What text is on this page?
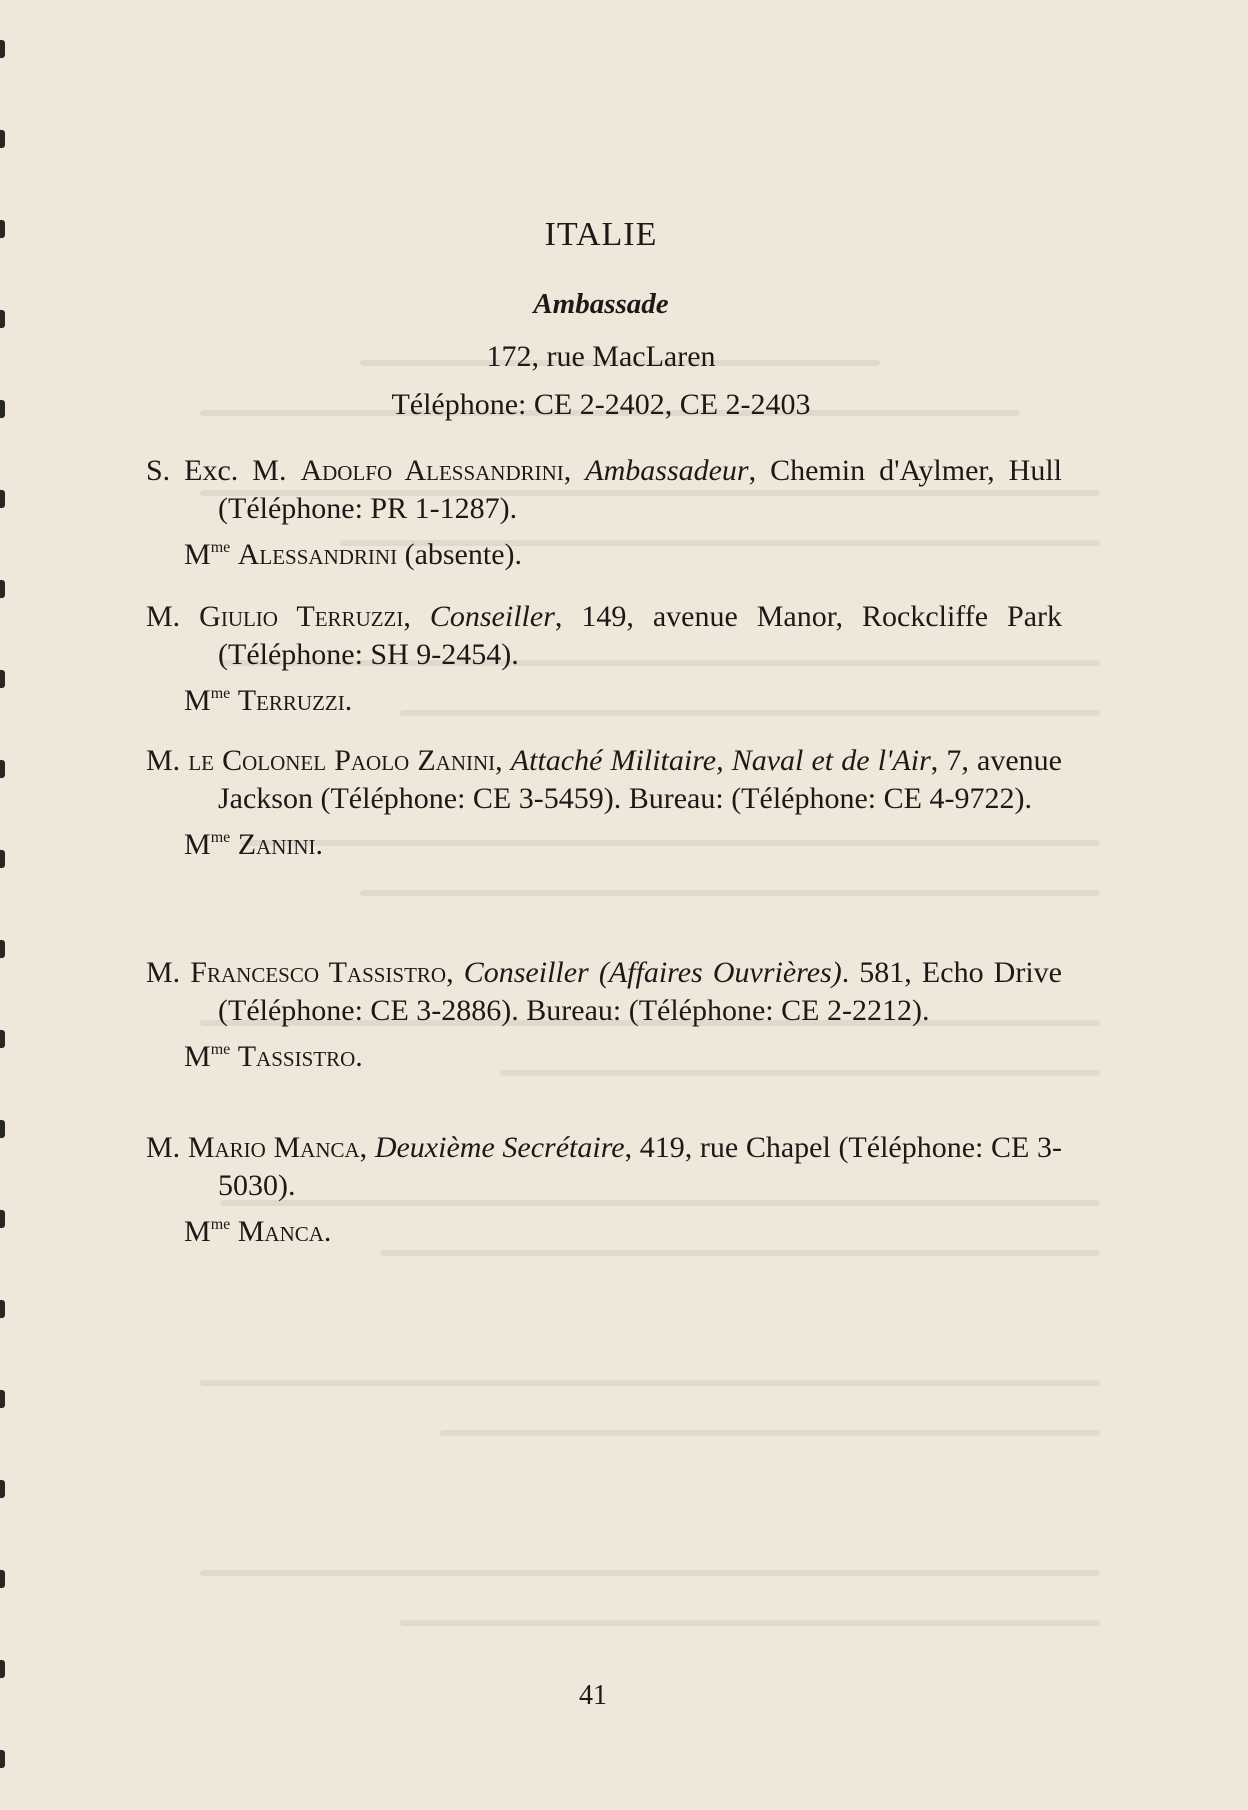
ITALIE
Ambassade
172, rue MacLaren
Téléphone: CE 2-2402, CE 2-2403

S. Exc. M. Adolfo Alessandrini, Ambassadeur, Chemin d'Aylmer, Hull (Téléphone: PR 1-1287).

$M^{me}$ Alessandrini (absente).

M. Giulio Terruzzi, Conseiller, 149, avenue Manor, Rockcliffe Park (Téléphone: SH 9-2454).

$M^{me}$ Terruzzi.

M. le Colonel Paolo Zanini, Attaché Militaire, Naval et de l'Air, 7, avenue Jackson (Téléphone: CE 3-5459). Bureau: (Téléphone: CE 4-9722).

$M^{me}$ Zanini.

M. Francesco Tassistro, Conseiller (Affaires Ouvrières). 581, Echo Drive (Téléphone: CE 3-2886). Bureau: (Téléphone: CE 2-2212).

$M^{me}$ Tassistro.

M. Mario Manca, Deuxième Secrétaire, 419, rue Chapel (Téléphone: CE 3-5030).

$M^{me}$ Manca.

41
